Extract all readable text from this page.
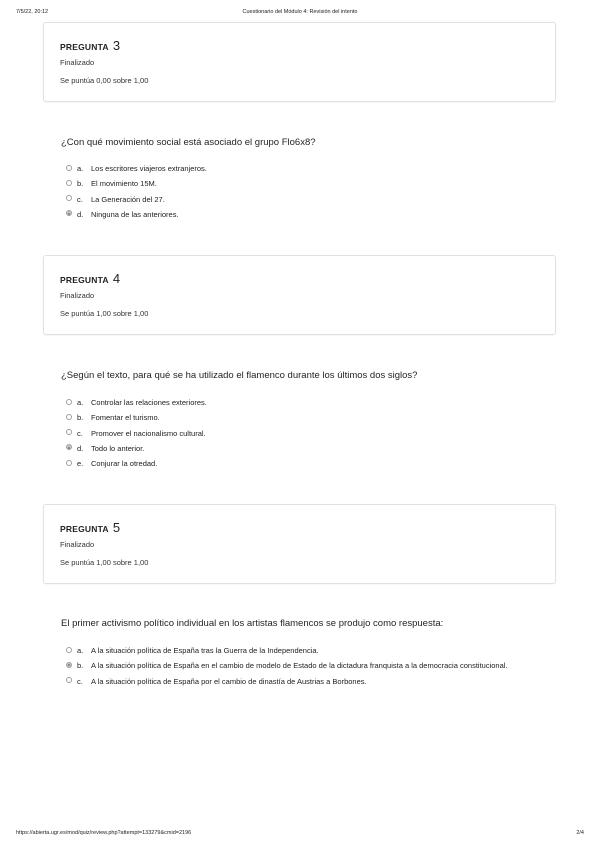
7/5/22, 20:12	Cuestionario del Módulo 4: Revisión del intento
PREGUNTA 3
Finalizado
Se puntúa 0,00 sobre 1,00
¿Con qué movimiento social está asociado el grupo Flo6x8?
a. Los escritores viajeros extranjeros.
b. El movimiento 15M.
c. La Generación del 27.
d. Ninguna de las anteriores.
PREGUNTA 4
Finalizado
Se puntúa 1,00 sobre 1,00
¿Según el texto, para qué se ha utilizado el flamenco durante los últimos dos siglos?
a. Controlar las relaciones exteriores.
b. Fomentar el turismo.
c. Promover el nacionalismo cultural.
d. Todo lo anterior.
e. Conjurar la otredad.
PREGUNTA 5
Finalizado
Se puntúa 1,00 sobre 1,00
El primer activismo político individual en los artistas flamencos se produjo como respuesta:
a. A la situación política de España tras la Guerra de la Independencia.
b. A la situación política de España en el cambio de modelo de Estado de la dictadura franquista a la democracia constitucional.
c. A la situación política de España por el cambio de dinastía de Austrias a Borbones.
https://abierta.ugr.es/mod/quiz/review.php?attempt=133279&cmid=2196	2/4
